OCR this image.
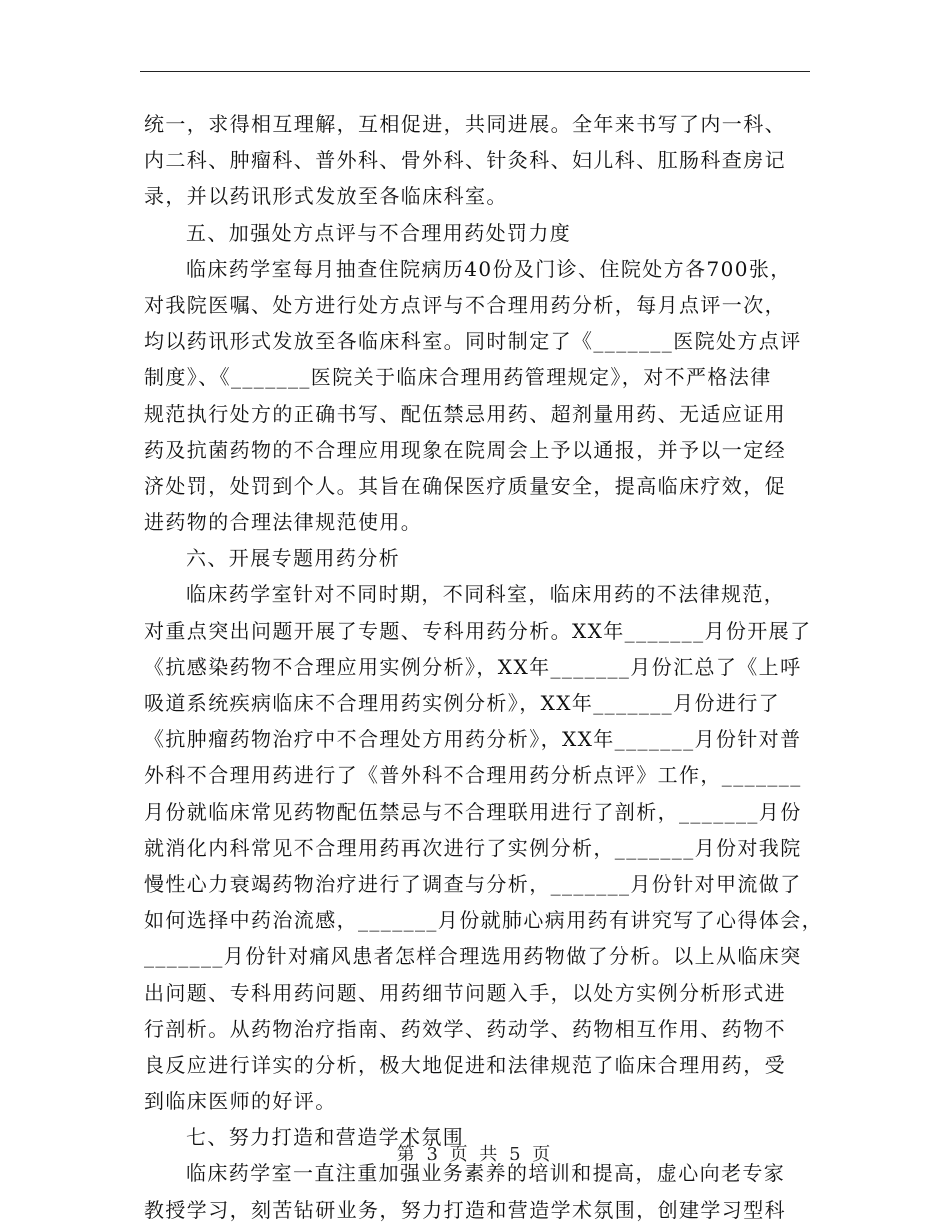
统一，求得相互理解，互相促进，共同进展。全年来书写了内一科、
内二科、肿瘤科、普外科、骨外科、针灸科、妇儿科、肛肠科查房记
录，并以药讯形式发放至各临床科室。
五、加强处方点评与不合理用药处罚力度
临床药学室每月抽查住院病历40份及门诊、住院处方各700张，
对我院医嘱、处方进行处方点评与不合理用药分析，每月点评一次，
均以药讯形式发放至各临床科室。同时制定了《_______医院处方点评
制度》、《_______医院关于临床合理用药管理规定》，对不严格法律
规范执行处方的正确书写、配伍禁忌用药、超剂量用药、无适应证用
药及抗菌药物的不合理应用现象在院周会上予以通报，并予以一定经
济处罚，处罚到个人。其旨在确保医疗质量安全，提高临床疗效，促
进药物的合理法律规范使用。
六、开展专题用药分析
临床药学室针对不同时期，不同科室，临床用药的不法律规范，
对重点突出问题开展了专题、专科用药分析。XX年_______月份开展了
《抗感染药物不合理应用实例分析》，XX年_______月份汇总了《上呼
吸道系统疾病临床不合理用药实例分析》，XX年_______月份进行了
《抗肿瘤药物治疗中不合理处方用药分析》，XX年_______月份针对普
外科不合理用药进行了《普外科不合理用药分析点评》工作，_______
月份就临床常见药物配伍禁忌与不合理联用进行了剖析，_______月份
就消化内科常见不合理用药再次进行了实例分析，_______月份对我院
慢性心力衰竭药物治疗进行了调查与分析，_______月份针对甲流做了
如何选择中药治流感，_______月份就肺心病用药有讲究写了心得体会，
_______月份针对痛风患者怎样合理选用药物做了分析。以上从临床突
出问题、专科用药问题、用药细节问题入手，以处方实例分析形式进
行剖析。从药物治疗指南、药效学、药动学、药物相互作用、药物不
良反应进行详实的分析，极大地促进和法律规范了临床合理用药，受
到临床医师的好评。
七、努力打造和营造学术氛围
临床药学室一直注重加强业务素养的培训和提高，虚心向老专家
教授学习，刻苦钻研业务，努力打造和营造学术氛围，创建学习型科
第 3 页 共 5 页
